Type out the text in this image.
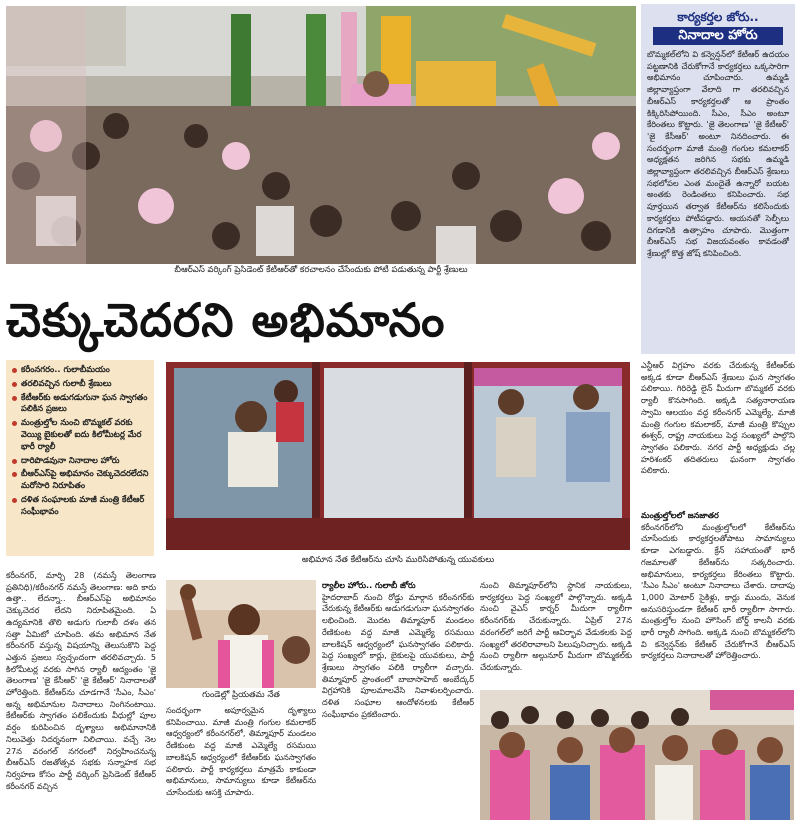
బీఆర్‌ఎస్ వర్కింగ్ ప్రెసిడెంట్ కేటీఆర్‌తో కరచాలనం చేసేందుకు పోటీ పడుతున్న పార్టీ శ్రేణులు
కార్యకర్తల జోరు..
నినాదాల హోరు
బొమ్మకల్‌లోని వి కన్వెన్షన్‌లో కేటీఆర్ ఉదయం పట్టణానికి చేరుకోగానే కార్యకర్తలు ఒక్కసారిగా అభిమానం చూపించారు. ఉమ్మడి జిల్లావ్యాప్తంగా వేలాది గా తరలివచ్చిన బీఆర్‌ఎస్ కార్యకర్తలతో ఆ ప్రాంతం కిక్కిరిసిపోయింది. సీఎం, సీఎం అంటూ కేరింతలు కొట్టారు. 'జై తెలంగాణ' 'జై కేటీఆర్' 'జై కేసీఆర్' అంటూ నినదించారు. ఈ సందర్భంగా మాజీ మంత్రి గంగుల కమలాకర్ అధ్యక్షతన జరిగిన సభకు ఉమ్మడి జిల్లావ్యాప్తంగా తరలివచ్చిన బీఆర్‌ఎస్ శ్రేణులు సభలోపల ఎంత మందైతే ఉన్నారో బయట అంతకు రెండింతలు కనిపించారు. సభ పూర్తయిన తర్వాత కేటీఆర్‌ను కలిసేందుకు కార్యకర్తలు పోటీపడ్డారు. ఆయనతో సెల్ఫీలు దిగడానికి ఉత్సాహం చూపారు. మొత్తంగా బీఆర్‌ఎస్ సభ విజయవంతం కావడంతో శ్రేణుల్లో కొత్త జోష్ కనిపించింది.
చెక్కుచెదరని అభిమానం
కరీంనగరం.. గులాబీమయం
తరలివచ్చిన గులాబీ శ్రేణులు
కేటీఆర్‌కు అడుగడుగునా ఘన స్వాగతం పలికిన ప్రజలు
మంత్రుల్తోల నుంచి బొమ్మకల్ వరకు వెయ్యి బైకులతో ఐదు కిలోమీటర్ల మేర భారీ ర్యాలీ
దారిపొడవునా నినాదాల హోరు
బీఆర్‌ఎస్‌పై అభిమానం చెక్కుచెదరలేదని మరోసారి నిరూపితం
దళిత సంఘాలకు మాజీ మంత్రి కేటీఆర్ సంఘీభావం
అభిమాన నేత కేటీఆర్‌ను చూసి మురిసిపోతున్న యువకులు
ఎన్టీఆర్ విగ్రహం వరకు చేరుకున్న కేటీఆర్‌కు అక్కడ కూడా బీఆర్‌ఎస్ శ్రేణులు ఘన స్వాగతం పలికాయి. గిరిరెడ్డి లైన్ మీదుగా బొమ్మకల్ వరకు ర్యాలీ కొనసాగింది. అక్కడి సత్యనారాయణ స్వామి ఆలయం వద్ద కరీంనగర్ ఎమ్మెల్యే, మాజీ మంత్రి గంగుల కమలాకర్, మాజీ మంత్రి కొప్పుల ఈశ్వర్, రాష్ట్ర నాయకులు పెద్ద సంఖ్యలో పాల్గొని స్వాగతం పలికారు. నగర పార్టీ అధ్యక్షుడు చల్ల హరిశంకర్ తదితరులు ఘనంగా స్వాగతం పలికారు.
మంత్రుల్తోలలో జనజాతర
కరీంనగర్‌లోని మంత్రుల్తోలలో కేటీఆర్‌ను చూసేందుకు కార్యకర్తలతోపాటు సామాన్యులు కూడా ఎగబడ్డారు. క్రేన్ సహాయంతో భారీ గజమాలతో కేటీఆర్‌ను సత్కరించారు. అభిమానులు, కార్యకర్తలు కేరింతలు కొట్టారు. 'సీఎం సీఎం' అంటూ నినాదాలు చేశారు. దాదాపు 1,000 మోటార్ సైకిళ్లు, కార్లు ముందు, వెనుక అనుసరిస్తుండగా కేటీఆర్ భారీ ర్యాలీగా సాగారు. మంత్రుల్తోల నుంచి హౌసింగ్ బోర్డ్ కాలనీ వరకు భారీ ర్యాలీ సాగింది. అక్కడి నుంచి బొమ్మకల్‌లోని వి కన్వెన్షన్‌కు కేటీఆర్ చేరుకోగానే బీఆర్‌ఎస్ కార్యకర్తలు నినాదాలతో హోరెత్తించారు.
కరీంనగర్, మార్చి 28 (నమస్తే తెలంగాణ ప్రతినిధి)/కరీంనగర్ నమస్తే తెలంగాణ: అది కారు ఉత్తా.. లేదన్నా.. బీఆర్‌ఎస్‌పై అభిమానం చెక్కుచెదర లేదని నిరూపితమైంది. ఏ ఉద్యమానికి తొలి అడుగు గులాబీ దళం తన సత్తా ఏమిటో చూపింది. తమ అభిమాన నేత కరీంనగర్ వస్తున్న విషయాన్ని తెలుసుకొని పెద్ద ఎత్తున ప్రజలు స్వచ్ఛందంగా తరలివచ్చారు. 5 కిలోమీటర్ల వరకు సాగిన ర్యాలీ ఆద్యంతం 'జై తెలంగాణ' 'జై కేసీఆర్' 'జై కేటీఆర్' నినాదాలతో హోరెత్తింది. కేటీఆర్‌ను చూడగానే 'సీఎం, సీఎం' అన్న అభిమానుల నినాదాలు నింగినంటాయి. కేటీఆర్‌కు స్వాగతం పలికేందుకు వీధుల్లో పూల వర్షం కురిపించిన దృశ్యాలు అభిమానానికి నిలువెత్తు నిదర్శనంగా నిలిచాయి. వచ్చే నెల 27న వరంగల్ నగరంలో నిర్వహించనున్న బీఆర్‌ఎస్ రజతోత్సవ సభకు సన్నాహక సభ నిర్వహణ కోసం పార్టీ వర్కింగ్ ప్రెసిడెంట్ కేటీఆర్ కరీంనగర్ వచ్చిన
గుండెల్లో ప్రియతమ నేత
సందర్భంగా అపూర్వమైన దృశ్యాలు కనిపించాయి. మాజీ మంత్రి గంగుల కమలాకర్ ఆధ్వర్యంలో కరీంనగర్‌లో, తిమ్మాపూర్ మండలం రేణికుంట వద్ద మాజీ ఎమ్మెల్యే రసమయి బాలకిషన్ ఆధ్వర్యంలో కేటీఆర్‌కు ఘనస్వాగతం పలికారు. పార్టీ కార్యకర్తలు మాత్రమే కాకుండా అభిమానులు, సామాన్యులు కూడా కేటీఆర్‌ను చూసేందుకు ఆసక్తి చూపారు.
ర్యాలీల హోరు.. గులాబీ జోరు
హైదరాబాద్ నుంచి రోడ్డు మార్గాన కరీంనగర్‌కు చేరుకున్న కేటీఆర్‌కు అడుగడుగునా ఘనస్వాగతం లభించింది. మొదట తిమ్మాపూర్ మండలం రేణికుంట వద్ద మాజీ ఎమ్మెల్యే రసమయి బాలకిషన్ ఆధ్వర్యంలో ఘనస్వాగతం పలికారు. పెద్ద సంఖ్యలో కార్లు, బైకులపై యువకులు, పార్టీ శ్రేణులు స్వాగతం పలికి ర్యాలీగా వచ్చారు. తిమ్మాపూర్ ప్రాంతంలో బాబాసాహెబ్ అంబేద్కర్ విగ్రహానికి పూలమాలవేసి నివాళులర్పించారు. దళిత సంఘాల ఆందోళనలకు కేటీఆర్ సంఘీభావం ప్రకటించారు.
నుంచి తిమ్మాపూర్‌లోని స్థానిక నాయకులు, కార్యకర్తలు పెద్ద సంఖ్యలో పాల్గొన్నారు. అక్కడి నుంచి వైఎస్ కార్నర్ మీదుగా ర్యాలీగా కరీంనగర్‌కు చేరుకున్నారు. ఏప్రిల్ 27న వరంగల్‌లో జరిగే పార్టీ ఆవిర్భావ వేడుకలకు పెద్ద సంఖ్యలో తరలిరావాలని పిలుపునిచ్చారు. అక్కడి నుంచి ర్యాలీగా అల్గునూర్ మీదుగా బొమ్మకల్‌కు చేరుకున్నారు.
